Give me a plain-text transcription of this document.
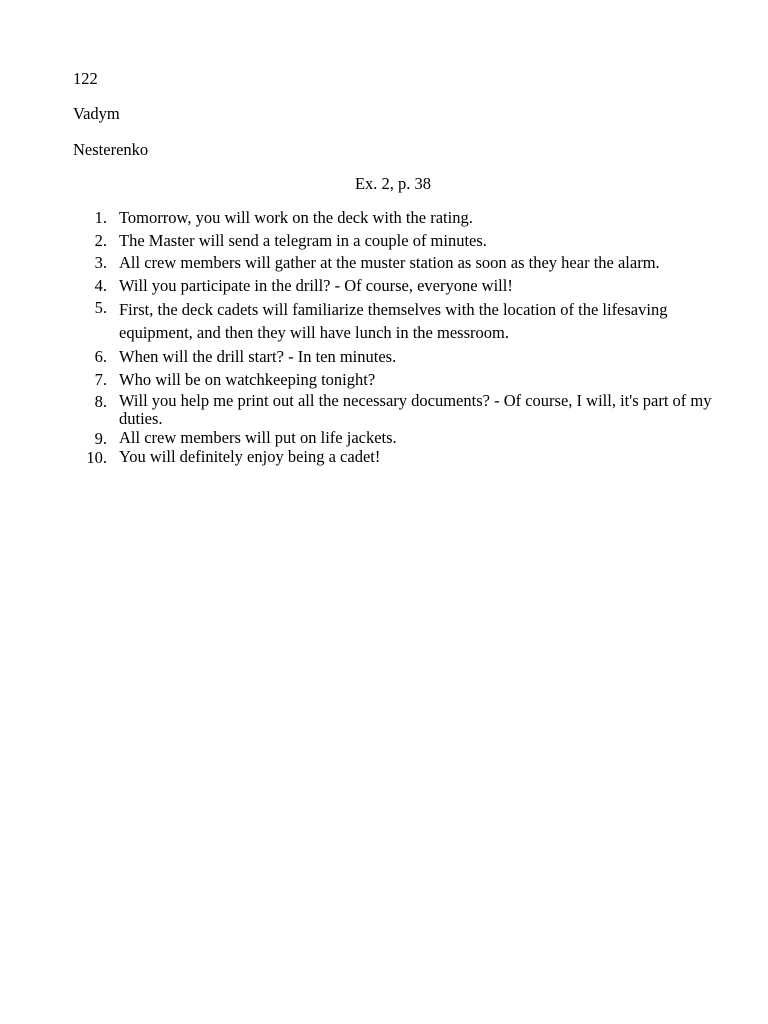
122
Vadym
Nesterenko
Ex. 2, p. 38
1. Tomorrow, you will work on the deck with the rating.
2. The Master will send a telegram in a couple of minutes.
3. All crew members will gather at the muster station as soon as they hear the alarm.
4. Will you participate in the drill? - Of course, everyone will!
5. First, the deck cadets will familiarize themselves with the location of the lifesaving equipment, and then they will have lunch in the messroom.
6. When will the drill start? - In ten minutes.
7. Who will be on watchkeeping tonight?
8. Will you help me print out all the necessary documents? - Of course, I will, it's part of my duties.
9. All crew members will put on life jackets.
10. You will definitely enjoy being a cadet!
